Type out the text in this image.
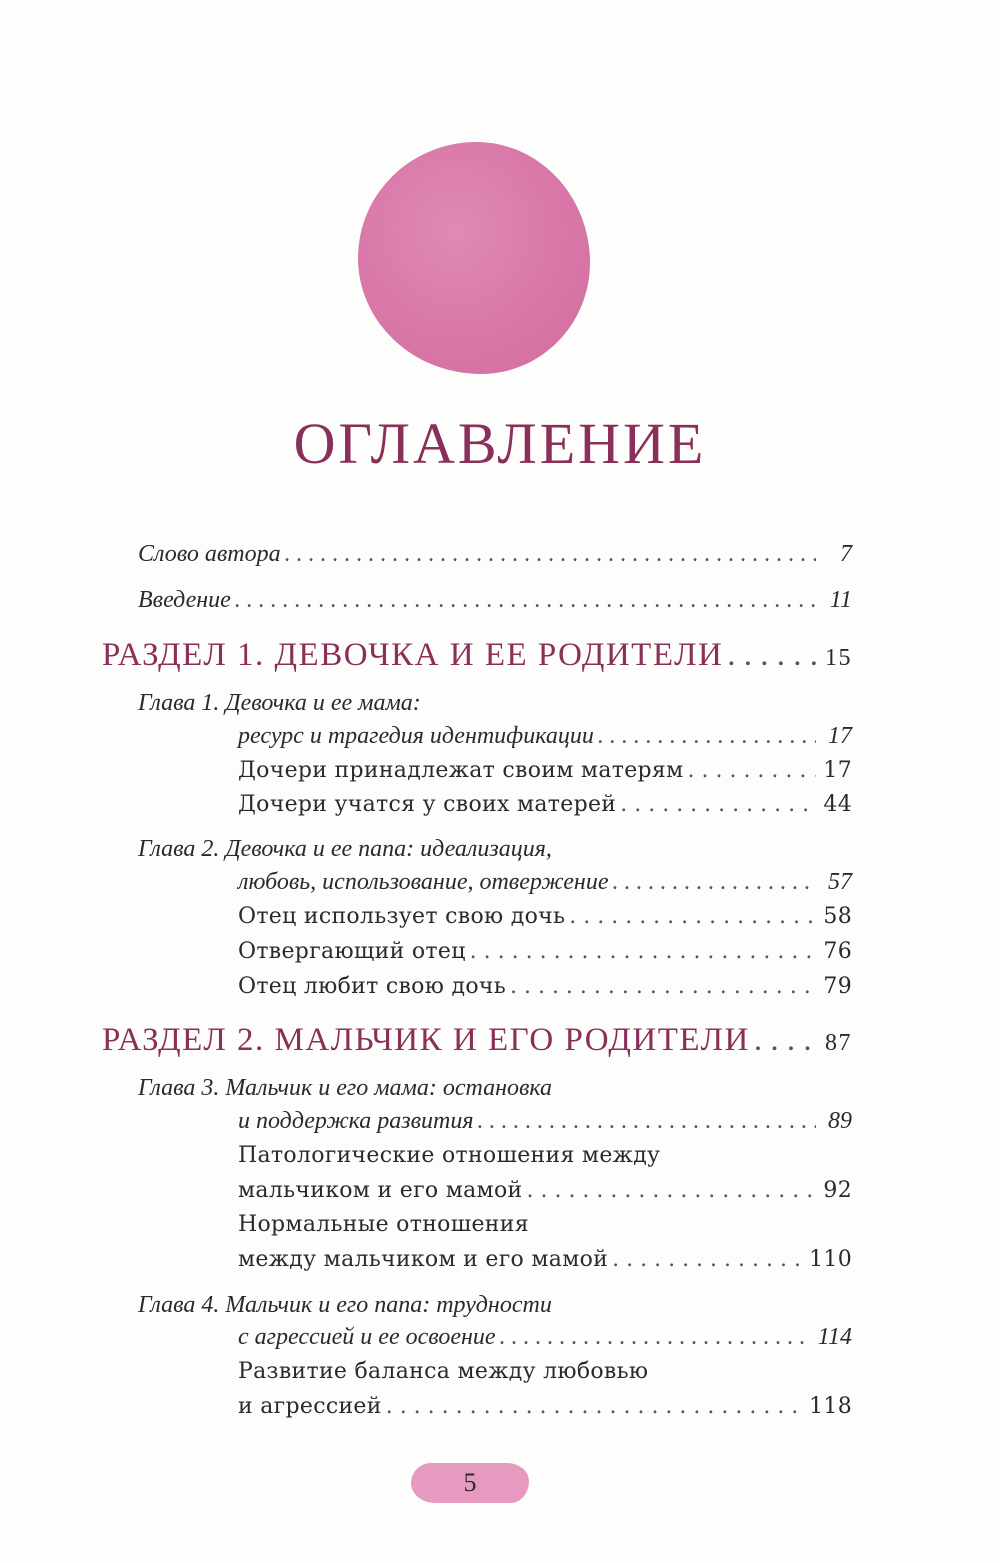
ОГЛАВЛЕНИЕ
Слово автора . . .	7
Введение . . .	11
РАЗДЕЛ 1. ДЕВОЧКА И ЕЕ РОДИТЕЛИ . . .	15
Глава 1. Девочка и ее мама:
ресурс и трагедия идентификации . . .	17
Дочери принадлежат своим матерям . . .	17
Дочери учатся у своих матерей . . .	44
Глава 2. Девочка и ее папа: идеализация,
любовь, использование, отвержение . . .	57
Отец использует свою дочь . . .	58
Отвергающий отец . . .	76
Отец любит свою дочь . . .	79
РАЗДЕЛ 2. МАЛЬЧИК И ЕГО РОДИТЕЛИ . . .	87
Глава 3. Мальчик и его мама: остановка
и поддержка развития . . .	89
Патологические отношения между
мальчиком и его мамой . . .	92
Нормальные отношения
между мальчиком и его мамой . . .	110
Глава 4. Мальчик и его папа: трудности
с агрессией и ее освоение . . .	114
Развитие баланса между любовью
и агрессией . . .	118
5
